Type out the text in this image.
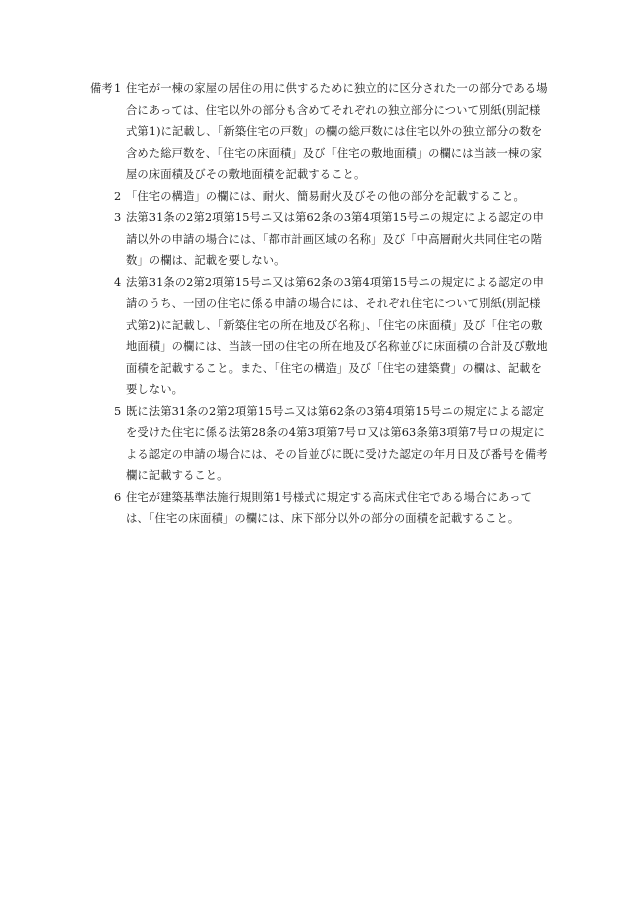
備考 1 住宅が一棟の家屋の居住の用に供するために独立的に区分された一の部分である場合にあっては、住宅以外の部分も含めてそれぞれの独立部分について別紙(別記様式第1)に記載し、「新築住宅の戸数」の欄の総戸数には住宅以外の独立部分の数を含めた総戸数を、「住宅の床面積」及び「住宅の敷地面積」の欄には当該一棟の家屋の床面積及びその敷地面積を記載すること。
2 「住宅の構造」の欄には、耐火、簡易耐火及びその他の部分を記載すること。
3 法第31条の2第2項第15号ニ又は第62条の3第4項第15号ニの規定による認定の申請以外の申請の場合には、「都市計画区域の名称」及び「中高層耐火共同住宅の階数」の欄は、記載を要しない。
4 法第31条の2第2項第15号ニ又は第62条の3第4項第15号ニの規定による認定の申請のうち、一団の住宅に係る申請の場合には、それぞれ住宅について別紙(別記様式第2)に記載し、「新築住宅の所在地及び名称」、「住宅の床面積」及び「住宅の敷地面積」の欄には、当該一団の住宅の所在地及び名称並びに床面積の合計及び敷地面積を記載すること。また、「住宅の構造」及び「住宅の建築費」の欄は、記載を要しない。
5 既に法第31条の2第2項第15号ニ又は第62条の3第4項第15号ニの規定による認定を受けた住宅に係る法第28条の4第3項第7号ロ又は第63条第3項第7号ロの規定による認定の申請の場合には、その旨並びに既に受けた認定の年月日及び番号を備考欄に記載すること。
6 住宅が建築基準法施行規則第1号様式に規定する高床式住宅である場合にあっては、「住宅の床面積」の欄には、床下部分以外の部分の面積を記載すること。
